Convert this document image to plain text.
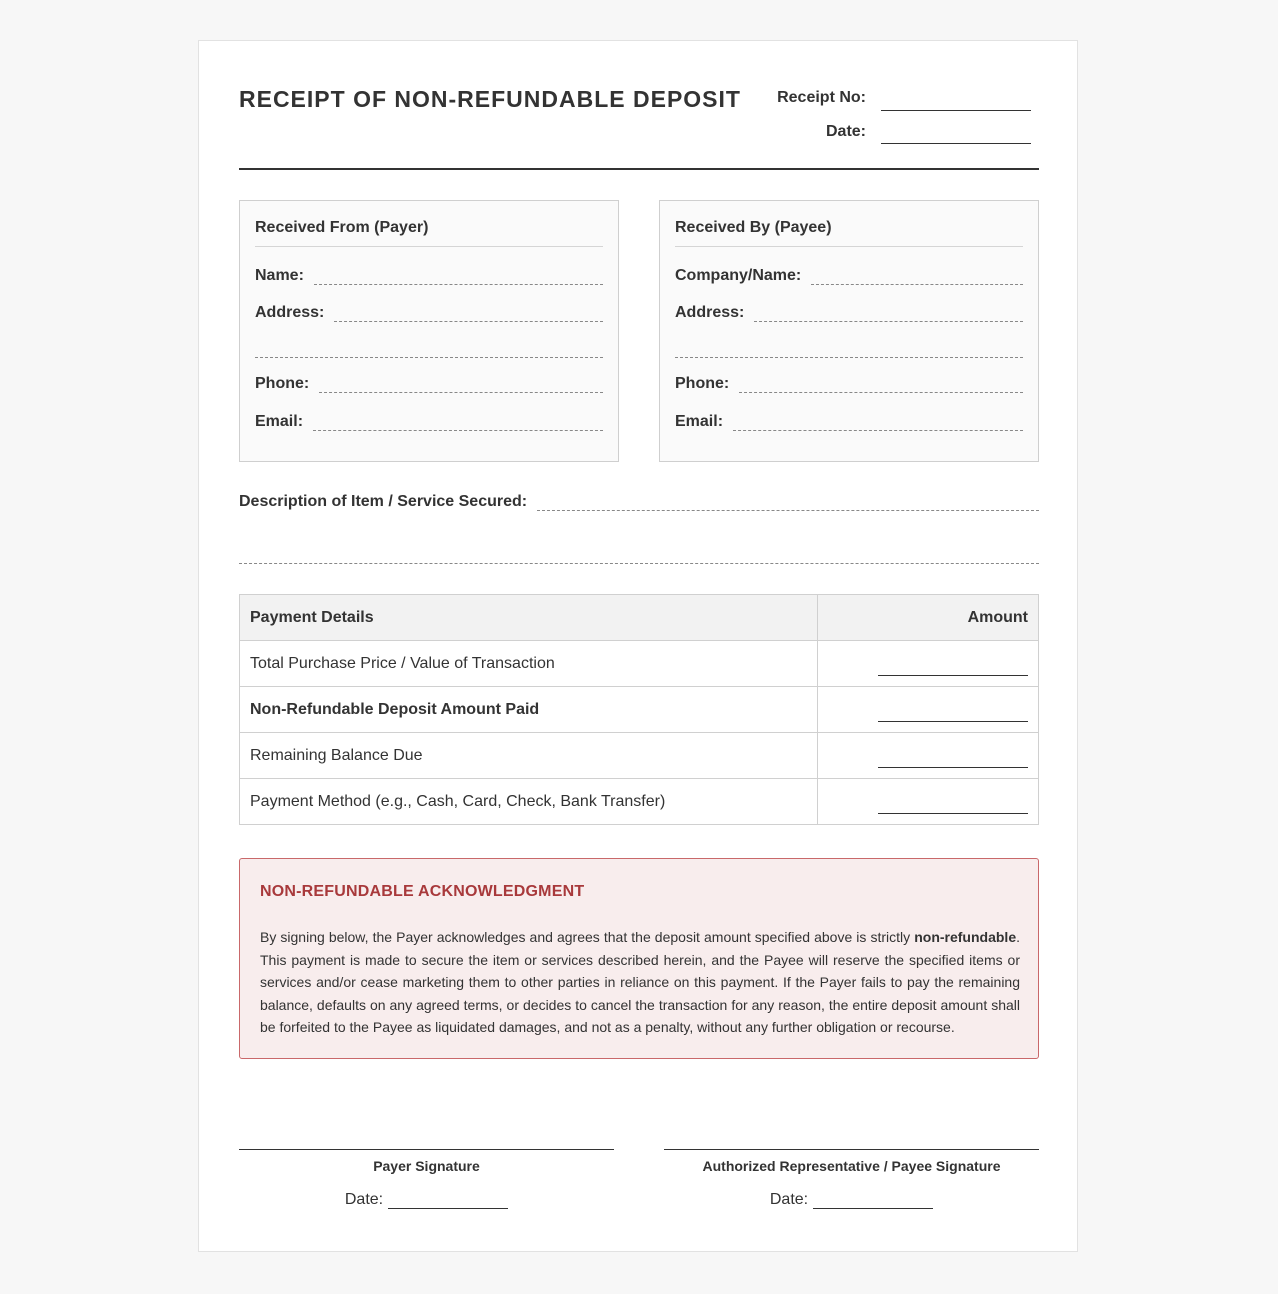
RECEIPT OF NON-REFUNDABLE DEPOSIT	Receipt No:
Date:
Received From (Payer)
Name:
Address:
Phone:
Email:
Received By (Payee)
Company/Name:
Address:
Phone:
Email:
Description of Item / Service Secured:
Payment Details	Amount
Total Purchase Price / Value of Transaction	

Non-Refundable Deposit Amount Paid	

Remaining Balance Due	

Payment Method (e.g., Cash, Card, Check, Bank Transfer)	
NON-REFUNDABLE ACKNOWLEDGMENT
By signing below, the Payer acknowledges and agrees that the deposit amount specified above is strictly non-refundable. This payment is made to secure the item or services described herein, and the Payee will reserve the specified items or services and/or cease marketing them to other parties in reliance on this payment. If the Payer fails to pay the remaining balance, defaults on any agreed terms, or decides to cancel the transaction for any reason, the entire deposit amount shall be forfeited to the Payee as liquidated damages, and not as a penalty, without any further obligation or recourse.
Payer Signature
Date:
Authorized Representative / Payee Signature
Date:
